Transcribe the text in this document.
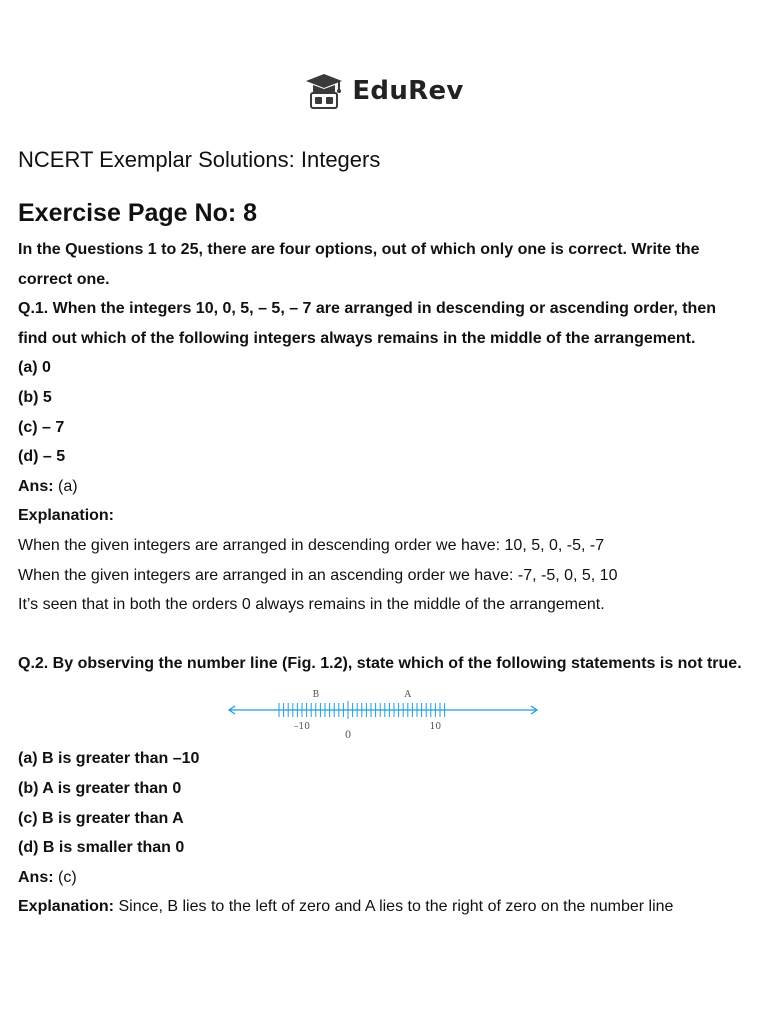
EduRev
NCERT Exemplar Solutions: Integers
Exercise Page No: 8

In the Questions 1 to 25, there are four options, out of which only one is correct. Write the correct one.

Q.1. When the integers 10, 0, 5, – 5, – 7 are arranged in descending or ascending order, then find out which of the following integers always remains in the middle of the arrangement.

(a) 0

(b) 5

(c) – 7

(d) – 5

Ans: (a)

Explanation:

When the given integers are arranged in descending order we have: 10, 5, 0, -5, -7

When the given integers are arranged in an ascending order we have: -7, -5, 0, 5, 10

It’s seen that in both the orders 0 always remains in the middle of the arrangement.

Q.2. By observing the number line (Fig. 1.2), state which of the following statements is not true.

B	A
–10
0
10

(a) B is greater than –10

(b) A is greater than 0

(c) B is greater than A

(d) B is smaller than 0

Ans: (c)

Explanation: Since, B lies to the left of zero and A lies to the right of zero on the number line
